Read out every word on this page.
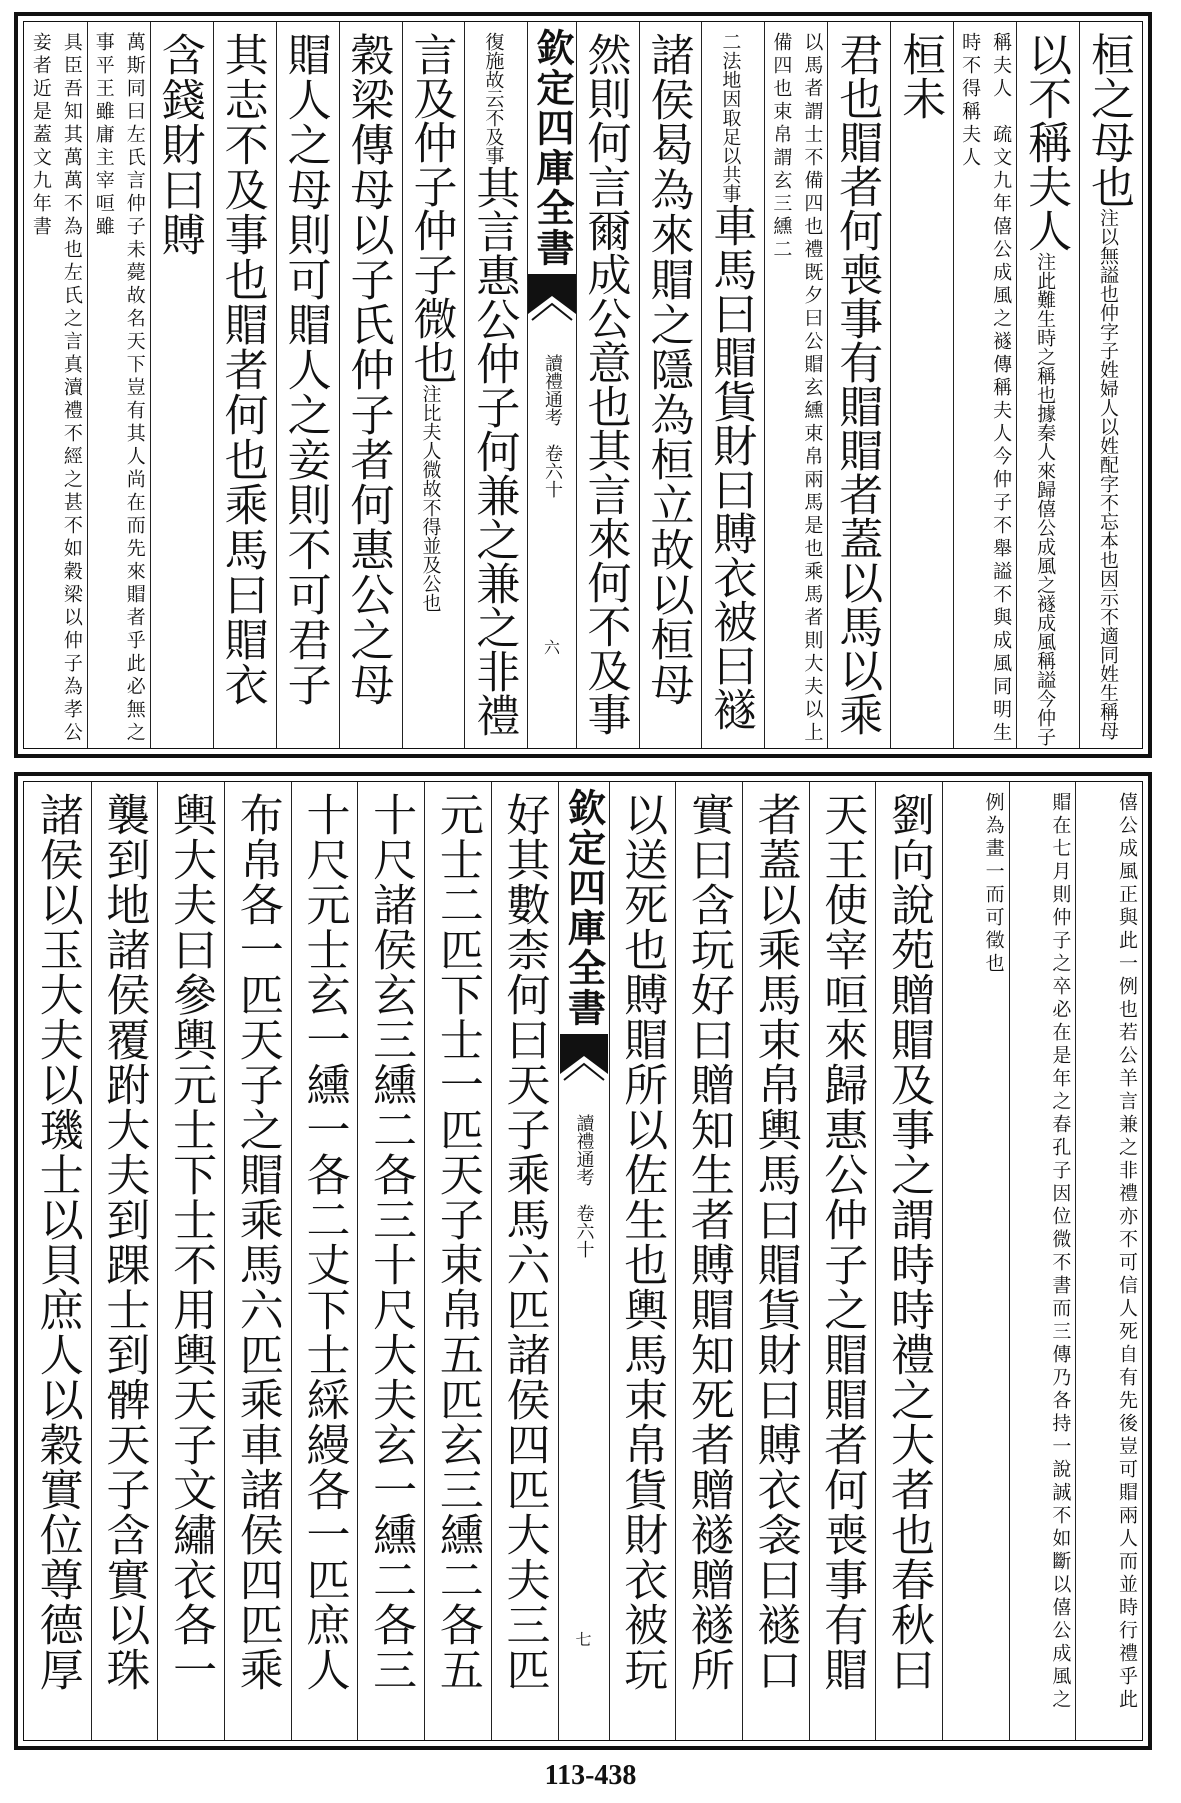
桓之母也注以無謚也仲字子姓婦人以姓配字不忘本也因示不適同姓生稱母
以不稱夫人注此難生時之稱也據秦人來歸僖公成風之襚成風稱謚今仲子
稱夫人　疏文九年僖公成風之襚傳稱夫人今仲子不舉謚不與成風同明生時不得稱夫人
桓未
君也賵者何喪事有賵賵者蓋以馬以乘
以馬者謂士不備四也禮既夕曰公賵玄纁束帛兩馬是也乘馬者則大夫以上備四也束帛謂玄三纁二
二法地因取足以共事車馬曰賵貨財曰賻衣被曰襚
諸侯曷為來賵之隱為桓立故以桓母
然則何言爾成公意也其言來何不及事
欽定四庫全書
讀禮通考　卷六十
六
復施故云不及事其言惠公仲子何兼之兼之非禮
言及仲子仲子微也注比夫人微故不得並及公也
穀梁傳母以子氏仲子者何惠公之母
賵人之母則可賵人之妾則不可君子
其志不及事也賵者何也乘馬曰賵衣
含錢財曰賻
萬斯同曰左氏言仲子未薨故名天下豈有其人尚在而先來賵者乎此必無之事平王雖庸主宰咺雖
具臣吾知其萬萬不為也左氏之言真瀆禮不經之甚不如穀梁以仲子為孝公妾者近是蓋文九年書
僖公成風正與此一例也若公羊言兼之非禮亦不可信人死自有先後豈可賵兩人而並時行禮乎此
賵在七月則仲子之卒必在是年之春孔子因位微不書而三傳乃各持一說誠不如斷以僖公成風之
例為畫一而可徵也
劉向說苑贈賵及事之謂時時禮之大者也春秋曰
天王使宰咺來歸惠公仲子之賵賵者何喪事有賵
者蓋以乘馬束帛輿馬曰賵貨財曰賻衣衾曰襚口
實曰含玩好曰贈知生者賻賵知死者贈襚贈襚所
以送死也賻賵所以佐生也輿馬束帛貨財衣被玩
欽定四庫全書
讀禮通考　卷六十
七
好其數柰何曰天子乘馬六匹諸侯四匹大夫三匹
元士二匹下士一匹天子束帛五匹玄三纁二各五
十尺諸侯玄三纁二各三十尺大夫玄一纁二各三
十尺元士玄一纁一各二丈下士綵縵各一匹庶人
布帛各一匹天子之賵乘馬六匹乘車諸侯四匹乘
輿大夫曰參輿元士下士不用輿天子文繡衣各一
襲到地諸侯覆跗大夫到踝士到髀天子含實以珠
諸侯以玉大夫以璣士以貝庶人以穀實位尊德厚
113-438
